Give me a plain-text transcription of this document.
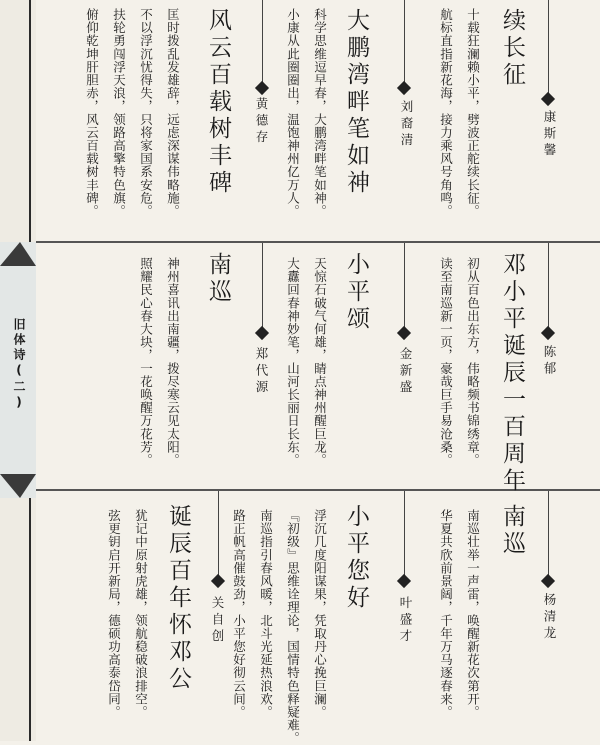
旧体诗(二)
续长征
十载狂澜赖小平，劈波正舵续长征。
航标直指新花海，接力乘风号角鸣。	康斯馨
大鹏湾畔笔如神
科学思维逗早春，大鹏湾畔笔如神。
小康从此圈圈出，温饱神州亿万人。	刘裔清
风云百载树丰碑
匡时拨乱发雄辞，远虑深谋伟略施。
不以浮沉忧得失，只将家国系安危。
扶轮勇闯浮天浪，领路高擎特色旗。
俯仰乾坤肝胆赤，风云百载树丰碑。	黄德存
邓小平诞辰一百周年
初从百色出东方，伟略频书锦绣章。
读至南巡新一页，豪哉巨手易沧桑。	陈郁
小平颂
天惊石破气何雄，睛点神州醒巨龙。
大纛回春神妙笔，山河长丽日长东。	金新盛
南巡
神州喜讯出南疆，拨尽寒云见太阳。
照耀民心春大块，一花唤醒万花芳。	郑代源
南巡
南巡壮举一声雷，唤醒新花次第开。
华夏共欣前景阔，千年万马逐春来。	杨清龙
小平您好
浮沉几度阳谋果，凭取丹心挽巨澜。
『初级』思维诠理论，国情特色释疑难。
南巡指引春风暖，北斗光延热浪欢。
路正帆高催鼓劲，小平您好彻云间。	叶盛才
诞辰百年怀邓公
犹记中原射虎雄，领航稳破浪排空。
弦更钥启开新局，德硕功高泰岱同。	关自创
